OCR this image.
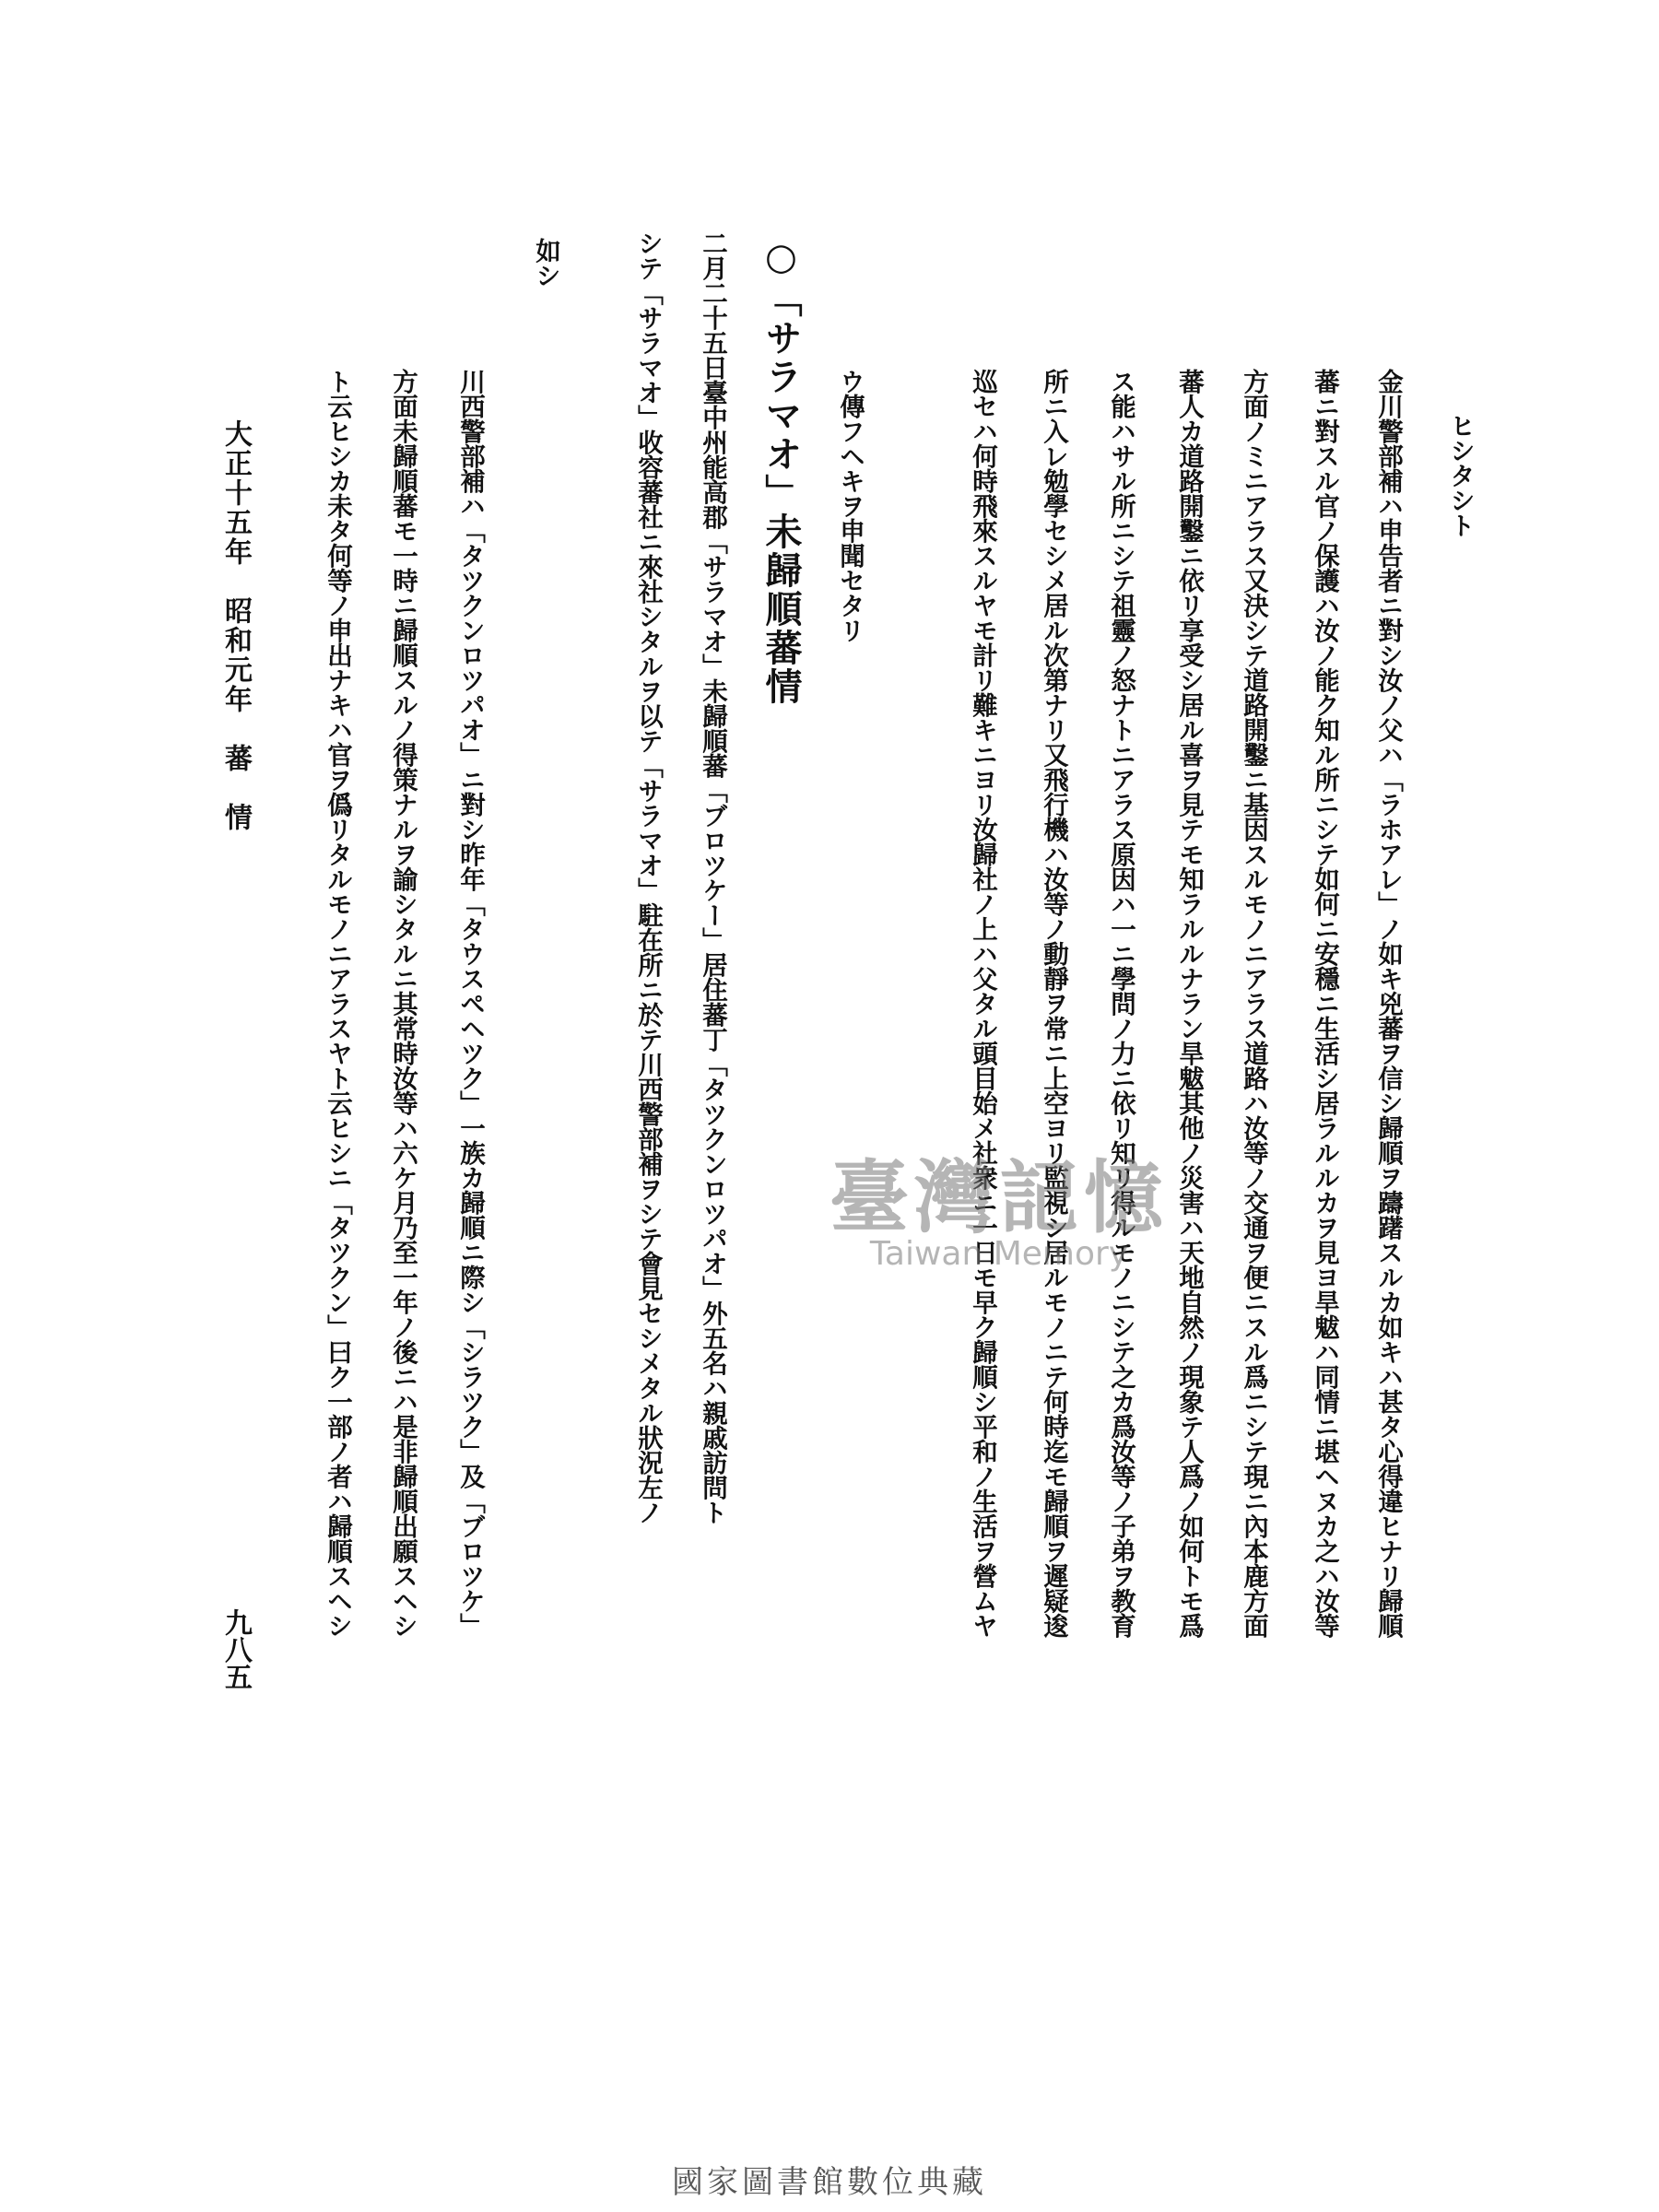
ヒシタシト
金川警部補ハ申告者ニ對シ汝ノ父ハ「ラホアレ」ノ如キ兇蕃ヲ信シ歸順ヲ躊躇スルカ如キハ甚タ心得違ヒナリ歸順
蕃ニ對スル官ノ保護ハ汝ノ能ク知ル所ニシテ如何ニ安穩ニ生活シ居ラルルカヲ見ヨ旱魃ハ同情ニ堪ヘヌカ之ハ汝等
方面ノミニアラス又決シテ道路開鑿ニ基因スルモノニアラス道路ハ汝等ノ交通ヲ便ニスル爲ニシテ現ニ內本鹿方面
蕃人カ道路開鑿ニ依リ享受シ居ル喜ヲ見テモ知ラルルナラン旱魃其他ノ災害ハ天地自然ノ現象テ人爲ノ如何トモ爲
ス能ハサル所ニシテ祖靈ノ怒ナトニアラス原因ハ一ニ學問ノ力ニ依リ知リ得ルモノニシテ之カ爲汝等ノ子弟ヲ教育
所ニ入レ勉學セシメ居ル次第ナリ又飛行機ハ汝等ノ動靜ヲ常ニ上空ヨリ監視シ居ルモノニテ何時迄モ歸順ヲ遲疑逡
巡セハ何時飛來スルヤモ計リ難キニヨリ汝歸社ノ上ハ父タル頭目始メ社衆ニ一日モ早ク歸順シ平和ノ生活ヲ營ムヤ
ウ傳フヘキヲ申聞セタリ
○「サラマオ」未歸順蕃情
二月二十五日臺中州能高郡「サラマオ」未歸順蕃「ブロツケー」居住蕃丁「タツクンロツパオ」外五名ハ親戚訪問ト
シテ「サラマオ」收容蕃社ニ來社シタルヲ以テ「サラマオ」駐在所ニ於テ川西警部補ヲシテ會見セシメタル狀況左ノ
如シ
川西警部補ハ「タツクンロツパオ」ニ對シ昨年「タウスペヘツク」一族カ歸順ニ際シ「シラツク」及「ブロツケ」
方面未歸順蕃モ一時ニ歸順スルノ得策ナルヲ諭シタルニ其常時汝等ハ六ケ月乃至一年ノ後ニハ是非歸順出願スヘシ
ト云ヒシカ未タ何等ノ申出ナキハ官ヲ僞リタルモノニアラスヤト云ヒシニ「タツクン」曰ク一部ノ者ハ歸順スヘシ
大正十五年　昭和元年　蕃　情
九八五
臺灣記憶
Taiwan Memory
國家圖書館數位典藏
